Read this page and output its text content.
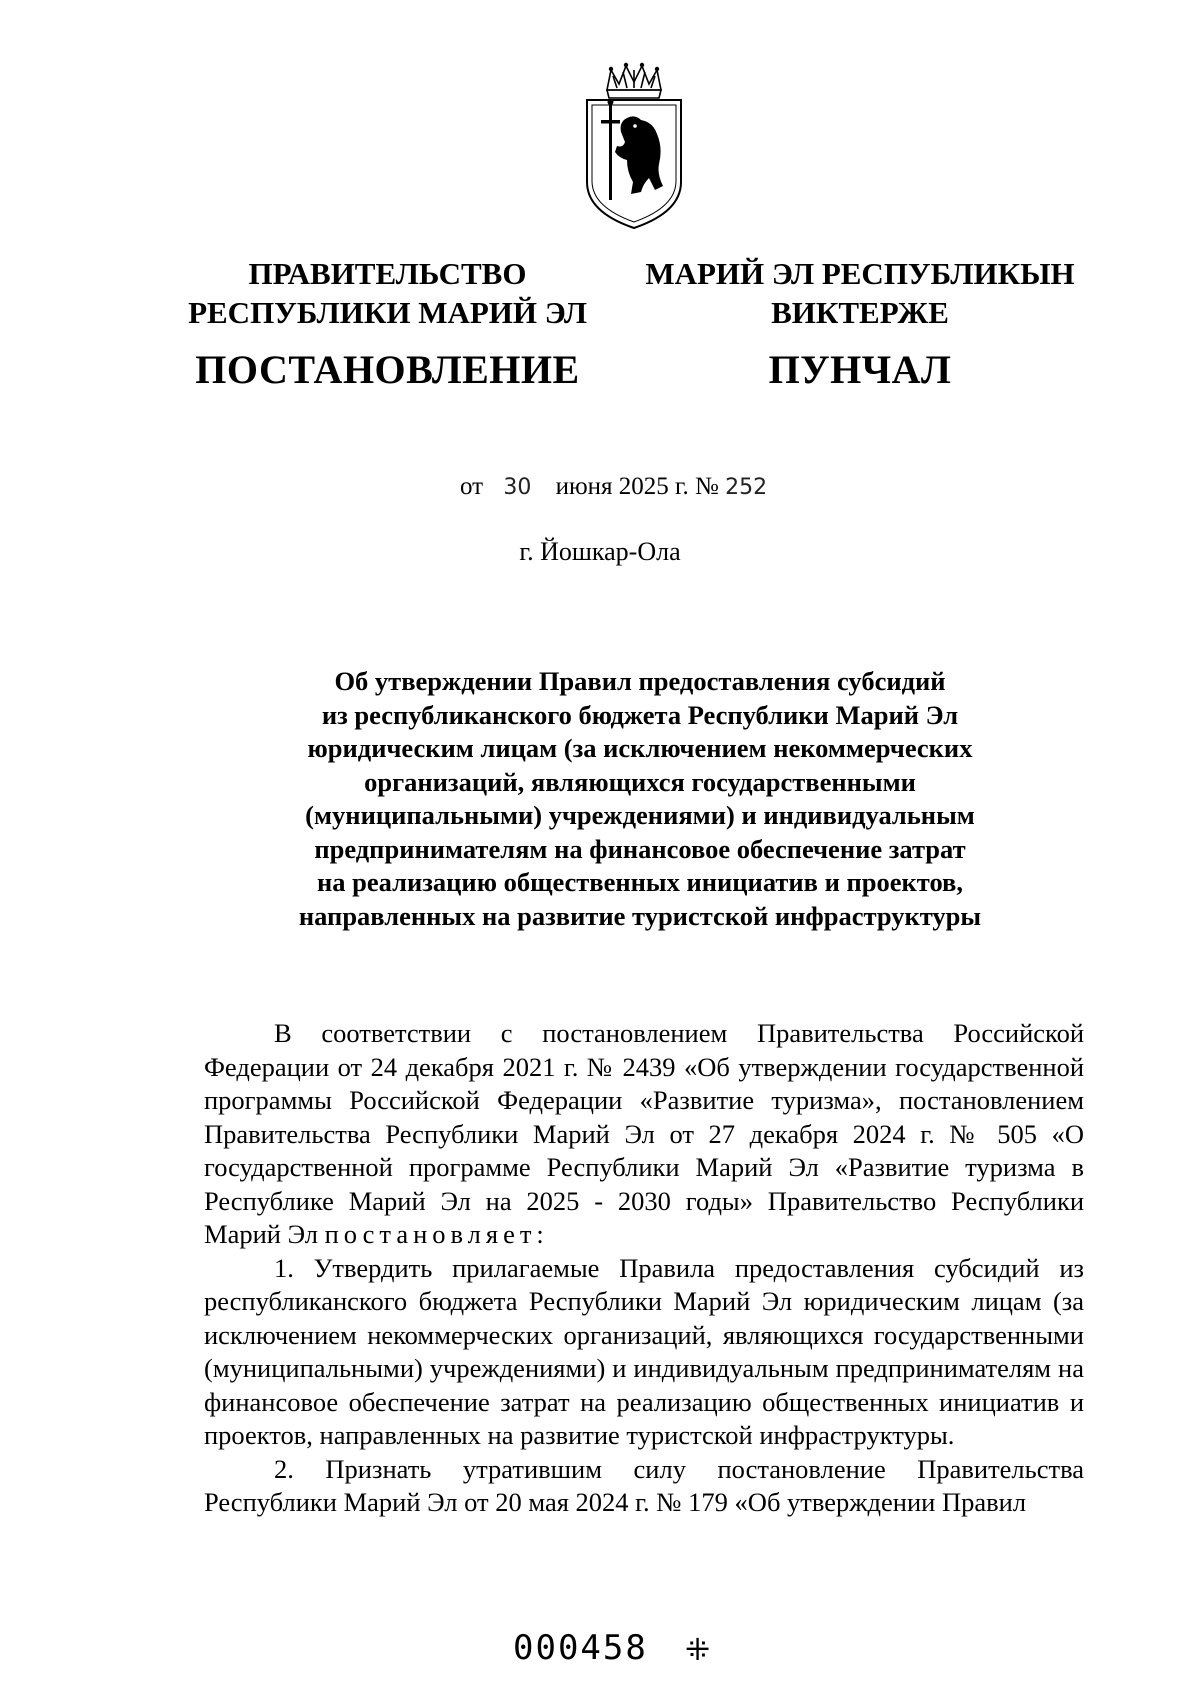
ПРАВИТЕЛЬСТВО
РЕСПУБЛИКИ МАРИЙ ЭЛ
ПОСТАНОВЛЕНИЕ
МАРИЙ ЭЛ РЕСПУБЛИКЫН
ВИКТЕРЖЕ
ПУНЧАЛ
от 30 июня 2025 г. № 252
г. Йошкар-Ола
Об утверждении Правил предоставления субсидий
из республиканского бюджета Республики Марий Эл
юридическим лицам (за исключением некоммерческих
организаций, являющихся государственными
(муниципальными) учреждениями) и индивидуальным
предпринимателям на финансовое обеспечение затрат
на реализацию общественных инициатив и проектов,
направленных на развитие туристской инфраструктуры

В соответствии с постановлением Правительства Российской Федерации от 24 декабря 2021 г. № 2439 «Об утверждении государственной программы Российской Федерации «Развитие туризма», постановлением Правительства Республики Марий Эл от 27 декабря 2024 г. № 505 «О государственной программе Республики Марий Эл «Развитие туризма в Республике Марий Эл на 2025 - 2030 годы» Правительство Республики Марий Эл постановляет:

1. Утвердить прилагаемые Правила предоставления субсидий из республиканского бюджета Республики Марий Эл юридическим лицам (за исключением некоммерческих организаций, являющихся государственными (муниципальными) учреждениями) и индивидуальным предпринимателям на финансовое обеспечение затрат на реализацию общественных инициатив и проектов, направленных на развитие туристской инфраструктуры.

2. Признать утратившим силу постановление Правительства Республики Марий Эл от 20 мая 2024 г. № 179 «Об утверждении Правил

000458 ⁜
